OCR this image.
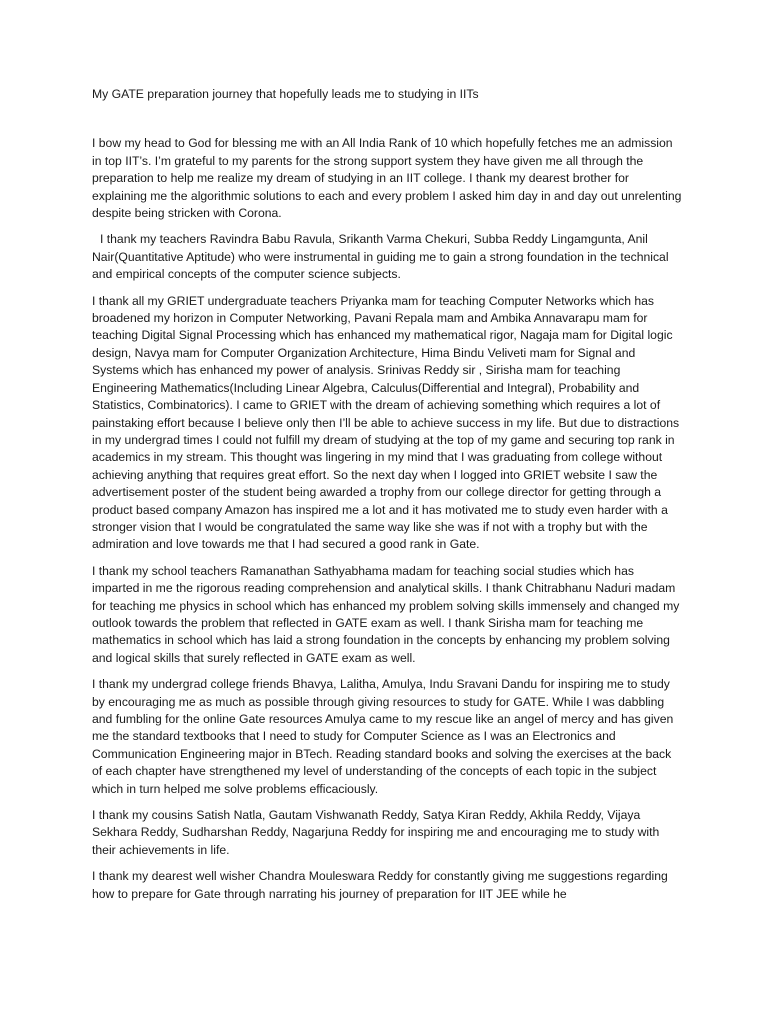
My GATE preparation journey that hopefully leads me to studying in IITs

I bow my head to God for blessing me with an All India Rank of 10 which hopefully fetches me an admission in top IIT’s. I’m grateful to my parents for the strong support system they have given me all through the preparation to help me realize my dream of studying in an IIT college. I thank my dearest brother for explaining me the algorithmic solutions to each and every problem I asked him day in and day out unrelenting despite being stricken with Corona.

I thank my teachers Ravindra Babu Ravula, Srikanth Varma Chekuri, Subba Reddy Lingamgunta, Anil Nair(Quantitative Aptitude) who were instrumental in guiding me to gain a strong foundation in the technical and empirical concepts of the computer science subjects.

I thank all my GRIET undergraduate teachers Priyanka mam for teaching Computer Networks which has broadened my horizon in Computer Networking, Pavani Repala mam and Ambika Annavarapu mam for teaching Digital Signal Processing which has enhanced my mathematical rigor, Nagaja mam for Digital logic design, Navya mam for Computer Organization Architecture, Hima Bindu Veliveti mam for Signal and Systems which has enhanced my power of analysis. Srinivas Reddy sir , Sirisha mam for teaching Engineering Mathematics(Including Linear Algebra, Calculus(Differential and Integral), Probability and Statistics, Combinatorics). I came to GRIET with the dream of achieving something which requires a lot of painstaking effort because I believe only then I’ll be able to achieve success in my life. But due to distractions in my undergrad times I could not fulfill my dream of studying at the top of my game and securing top rank in academics in my stream. This thought was lingering in my mind that I was graduating from college without achieving anything that requires great effort. So the next day when I logged into GRIET website I saw the advertisement poster of the student being awarded a trophy from our college director for getting through a product based company Amazon has inspired me a lot and it has motivated me to study even harder with a stronger vision that I would be congratulated the same way like she was if not with a trophy but with the admiration and love towards me that I had secured a good rank in Gate.

I thank my school teachers Ramanathan Sathyabhama madam for teaching social studies which has imparted in me the rigorous reading comprehension and analytical skills. I thank Chitrabhanu Naduri madam for teaching me physics in school which has enhanced my problem solving skills immensely and changed my outlook towards the problem that reflected in GATE exam as well. I thank Sirisha mam for teaching me mathematics in school which has laid a strong foundation in the concepts by enhancing my problem solving and logical skills that surely reflected in GATE exam as well.

I thank my undergrad college friends Bhavya, Lalitha, Amulya, Indu Sravani Dandu for inspiring me to study by encouraging me as much as possible through giving resources to study for GATE. While I was dabbling and fumbling for the online Gate resources Amulya came to my rescue like an angel of mercy and has given me the standard textbooks that I need to study for Computer Science as I was an Electronics and Communication Engineering major in BTech. Reading standard books and solving the exercises at the back of each chapter have strengthened my level of understanding of the concepts of each topic in the subject which in turn helped me solve problems efficaciously.

I thank my cousins Satish Natla, Gautam Vishwanath Reddy, Satya Kiran Reddy, Akhila Reddy, Vijaya Sekhara Reddy, Sudharshan Reddy, Nagarjuna Reddy for inspiring me and encouraging me to study with their achievements in life.

I thank my dearest well wisher Chandra Mouleswara Reddy for constantly giving me suggestions regarding how to prepare for Gate through narrating his journey of preparation for IIT JEE while he
